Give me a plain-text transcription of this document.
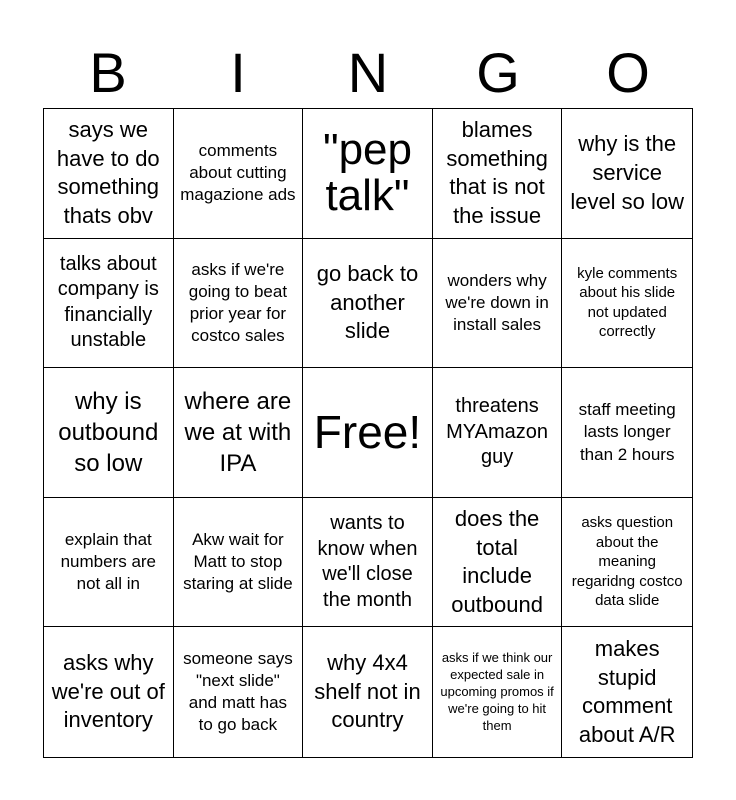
B	I	N	G	O
says we have to do something thats obv
comments about cutting magazione ads
"pep talk"
blames something that is not the issue
why is the service level so low
talks about company is financially unstable
asks if we're going to beat prior year for costco sales
go back to another slide
wonders why we're down in install sales
kyle comments about his slide not updated correctly
why is outbound so low
where are we at with IPA
Free!
threatens MYAmazon guy
staff meeting lasts longer than 2 hours
explain that numbers are not all in
Akw wait for Matt to stop staring at slide
wants to know when we'll close the month
does the total include outbound
asks question about the meaning regaridng costco data slide
asks why we're out of inventory
someone says "next slide" and matt has to go back
why 4x4 shelf not in country
asks if we think our expected sale in upcoming promos if we're going to hit them
makes stupid comment about A/R
